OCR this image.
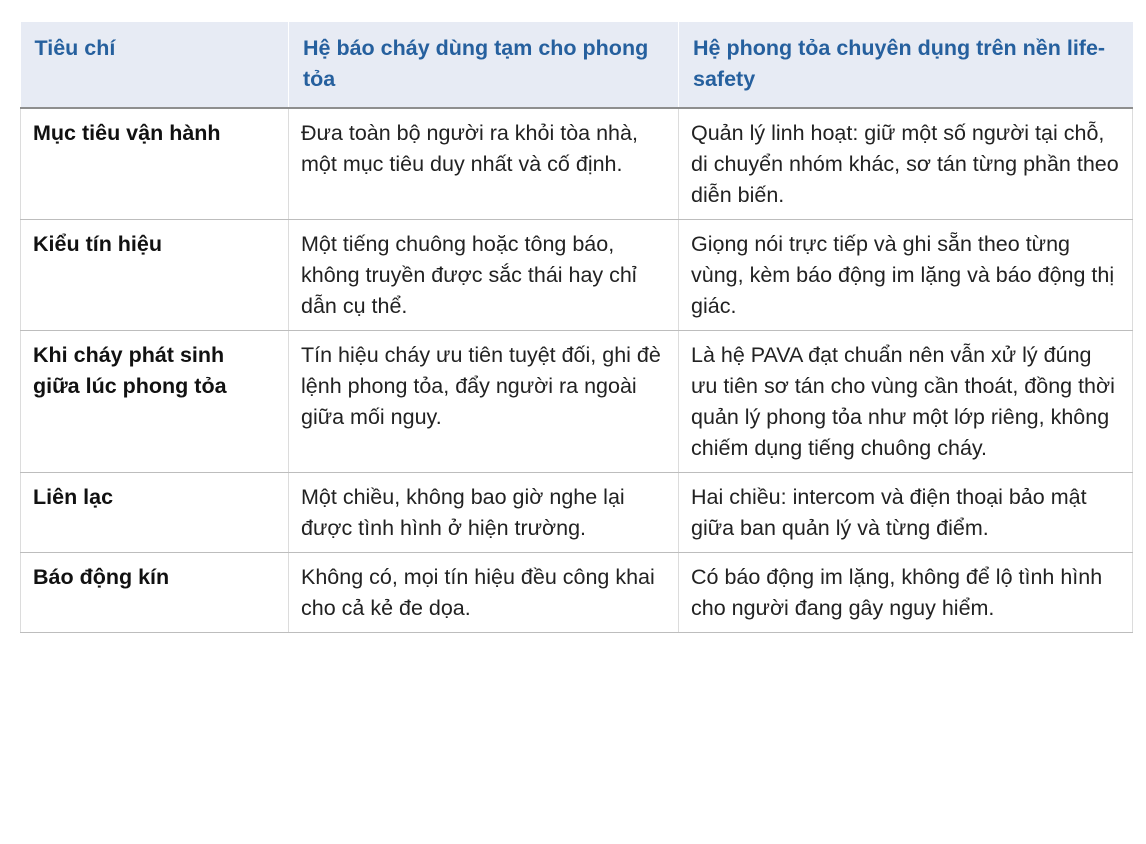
Tiêu chí	Hệ báo cháy dùng tạm cho phong tỏa	Hệ phong tỏa chuyên dụng trên nền life-safety
Mục tiêu vận hành	Đưa toàn bộ người ra khỏi tòa nhà, một mục tiêu duy nhất và cố định.	Quản lý linh hoạt: giữ một số người tại chỗ, di chuyển nhóm khác, sơ tán từng phần theo diễn biến.
Kiểu tín hiệu	Một tiếng chuông hoặc tông báo, không truyền được sắc thái hay chỉ dẫn cụ thể.	Giọng nói trực tiếp và ghi sẵn theo từng vùng, kèm báo động im lặng và báo động thị giác.
Khi cháy phát sinh giữa lúc phong tỏa	Tín hiệu cháy ưu tiên tuyệt đối, ghi đè lệnh phong tỏa, đẩy người ra ngoài giữa mối nguy.	Là hệ PAVA đạt chuẩn nên vẫn xử lý đúng ưu tiên sơ tán cho vùng cần thoát, đồng thời quản lý phong tỏa như một lớp riêng, không chiếm dụng tiếng chuông cháy.
Liên lạc	Một chiều, không bao giờ nghe lại được tình hình ở hiện trường.	Hai chiều: intercom và điện thoại bảo mật giữa ban quản lý và từng điểm.
Báo động kín	Không có, mọi tín hiệu đều công khai cho cả kẻ đe dọa.	Có báo động im lặng, không để lộ tình hình cho người đang gây nguy hiểm.
